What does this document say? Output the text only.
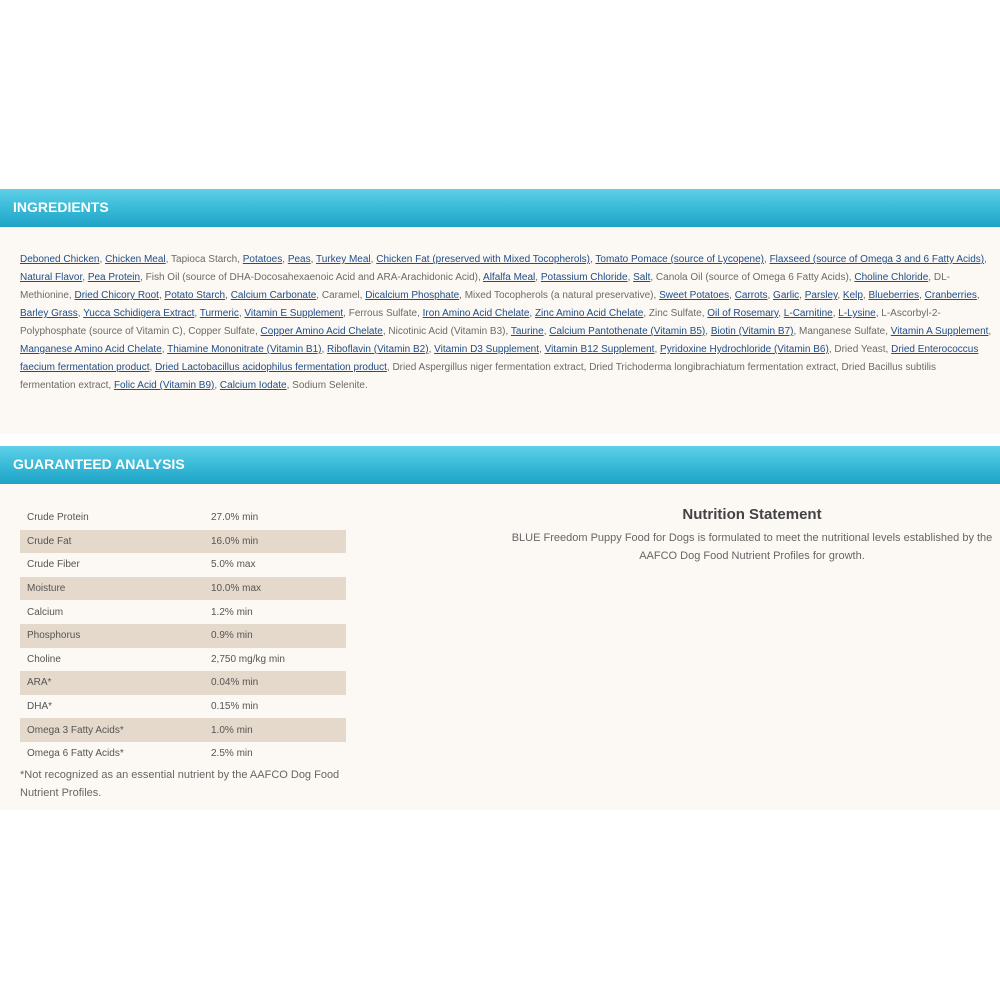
INGREDIENTS

Deboned Chicken, Chicken Meal, Tapioca Starch, Potatoes, Peas, Turkey Meal, Chicken Fat (preserved with Mixed Tocopherols), Tomato Pomace (source of Lycopene), Flaxseed (source of Omega 3 and 6 Fatty Acids), Natural Flavor, Pea Protein, Fish Oil (source of DHA-Docosahexaenoic Acid and ARA-Arachidonic Acid), Alfalfa Meal, Potassium Chloride, Salt, Canola Oil (source of Omega 6 Fatty Acids), Choline Chloride, DL-Methionine, Dried Chicory Root, Potato Starch, Calcium Carbonate, Caramel, Dicalcium Phosphate, Mixed Tocopherols (a natural preservative), Sweet Potatoes, Carrots, Garlic, Parsley, Kelp, Blueberries, Cranberries, Barley Grass, Yucca Schidigera Extract, Turmeric, Vitamin E Supplement, Ferrous Sulfate, Iron Amino Acid Chelate, Zinc Amino Acid Chelate, Zinc Sulfate, Oil of Rosemary, L-Carnitine, L-Lysine, L-Ascorbyl-2-Polyphosphate (source of Vitamin C), Copper Sulfate, Copper Amino Acid Chelate, Nicotinic Acid (Vitamin B3), Taurine, Calcium Pantothenate (Vitamin B5), Biotin (Vitamin B7), Manganese Sulfate, Vitamin A Supplement, Manganese Amino Acid Chelate, Thiamine Mononitrate (Vitamin B1), Riboflavin (Vitamin B2), Vitamin D3 Supplement, Vitamin B12 Supplement, Pyridoxine Hydrochloride (Vitamin B6), Dried Yeast, Dried Enterococcus faecium fermentation product, Dried Lactobacillus acidophilus fermentation product, Dried Aspergillus niger fermentation extract, Dried Trichoderma longibrachiatum fermentation extract, Dried Bacillus subtilis fermentation extract, Folic Acid (Vitamin B9), Calcium Iodate, Sodium Selenite.

GUARANTEED ANALYSIS
Crude Protein	27.0% min
Crude Fat	16.0% min
Crude Fiber	5.0% max
Moisture	10.0% max
Calcium	1.2% min
Phosphorus	0.9% min
Choline	2,750 mg/kg min
ARA*	0.04% min
DHA*	0.15% min
Omega 3 Fatty Acids*	1.0% min
Omega 6 Fatty Acids*	2.5% min

*Not recognized as an essential nutrient by the AAFCO Dog Food Nutrient Profiles.

Nutrition Statement

BLUE Freedom Puppy Food for Dogs is formulated to meet the nutritional levels established by the AAFCO Dog Food Nutrient Profiles for growth.
